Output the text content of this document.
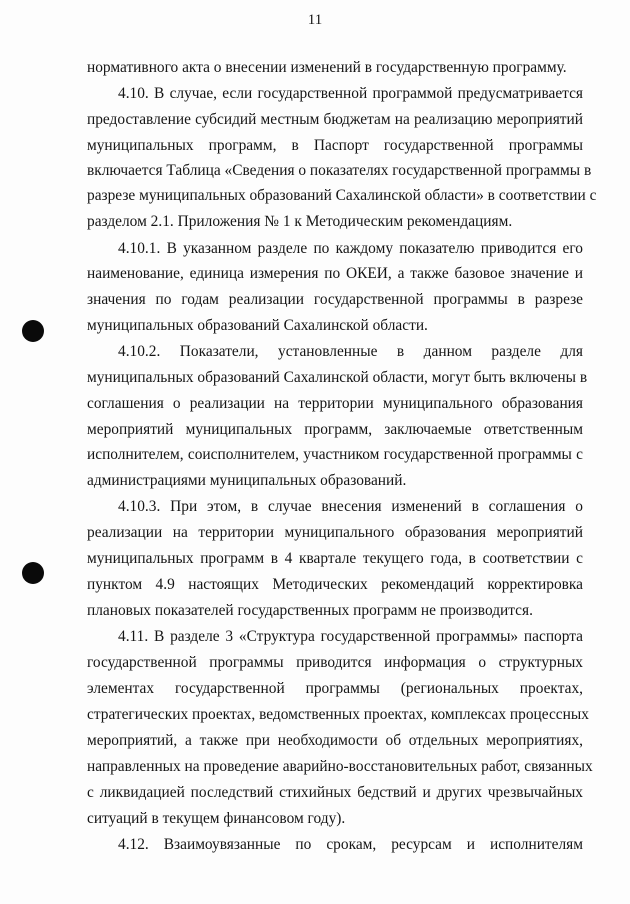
11
нормативного акта о внесении изменений в государственную программу.
4.10. В случае, если государственной программой предусматривается
предоставление субсидий местным бюджетам на реализацию мероприятий
муниципальных программ, в Паспорт государственной программы
включается Таблица «Сведения о показателях государственной программы в
разрезе муниципальных образований Сахалинской области» в соответствии с
разделом 2.1. Приложения № 1 к Методическим рекомендациям.
4.10.1. В указанном разделе по каждому показателю приводится его
наименование, единица измерения по ОКЕИ, а также базовое значение и
значения по годам реализации государственной программы в разрезе
муниципальных образований Сахалинской области.
4.10.2. Показатели, установленные в данном разделе для
муниципальных образований Сахалинской области, могут быть включены в
соглашения о реализации на территории муниципального образования
мероприятий муниципальных программ, заключаемые ответственным
исполнителем, соисполнителем, участником государственной программы с
администрациями муниципальных образований.
4.10.3. При этом, в случае внесения изменений в соглашения о
реализации на территории муниципального образования мероприятий
муниципальных программ в 4 квартале текущего года, в соответствии с
пунктом 4.9 настоящих Методических рекомендаций корректировка
плановых показателей государственных программ не производится.
4.11. В разделе 3 «Структура государственной программы» паспорта
государственной программы приводится информация о структурных
элементах государственной программы (региональных проектах,
стратегических проектах, ведомственных проектах, комплексах процессных
мероприятий, а также при необходимости об отдельных мероприятиях,
направленных на проведение аварийно-восстановительных работ, связанных
с ликвидацией последствий стихийных бедствий и других чрезвычайных
ситуаций в текущем финансовом году).
4.12. Взаимоувязанные по срокам, ресурсам и исполнителям
